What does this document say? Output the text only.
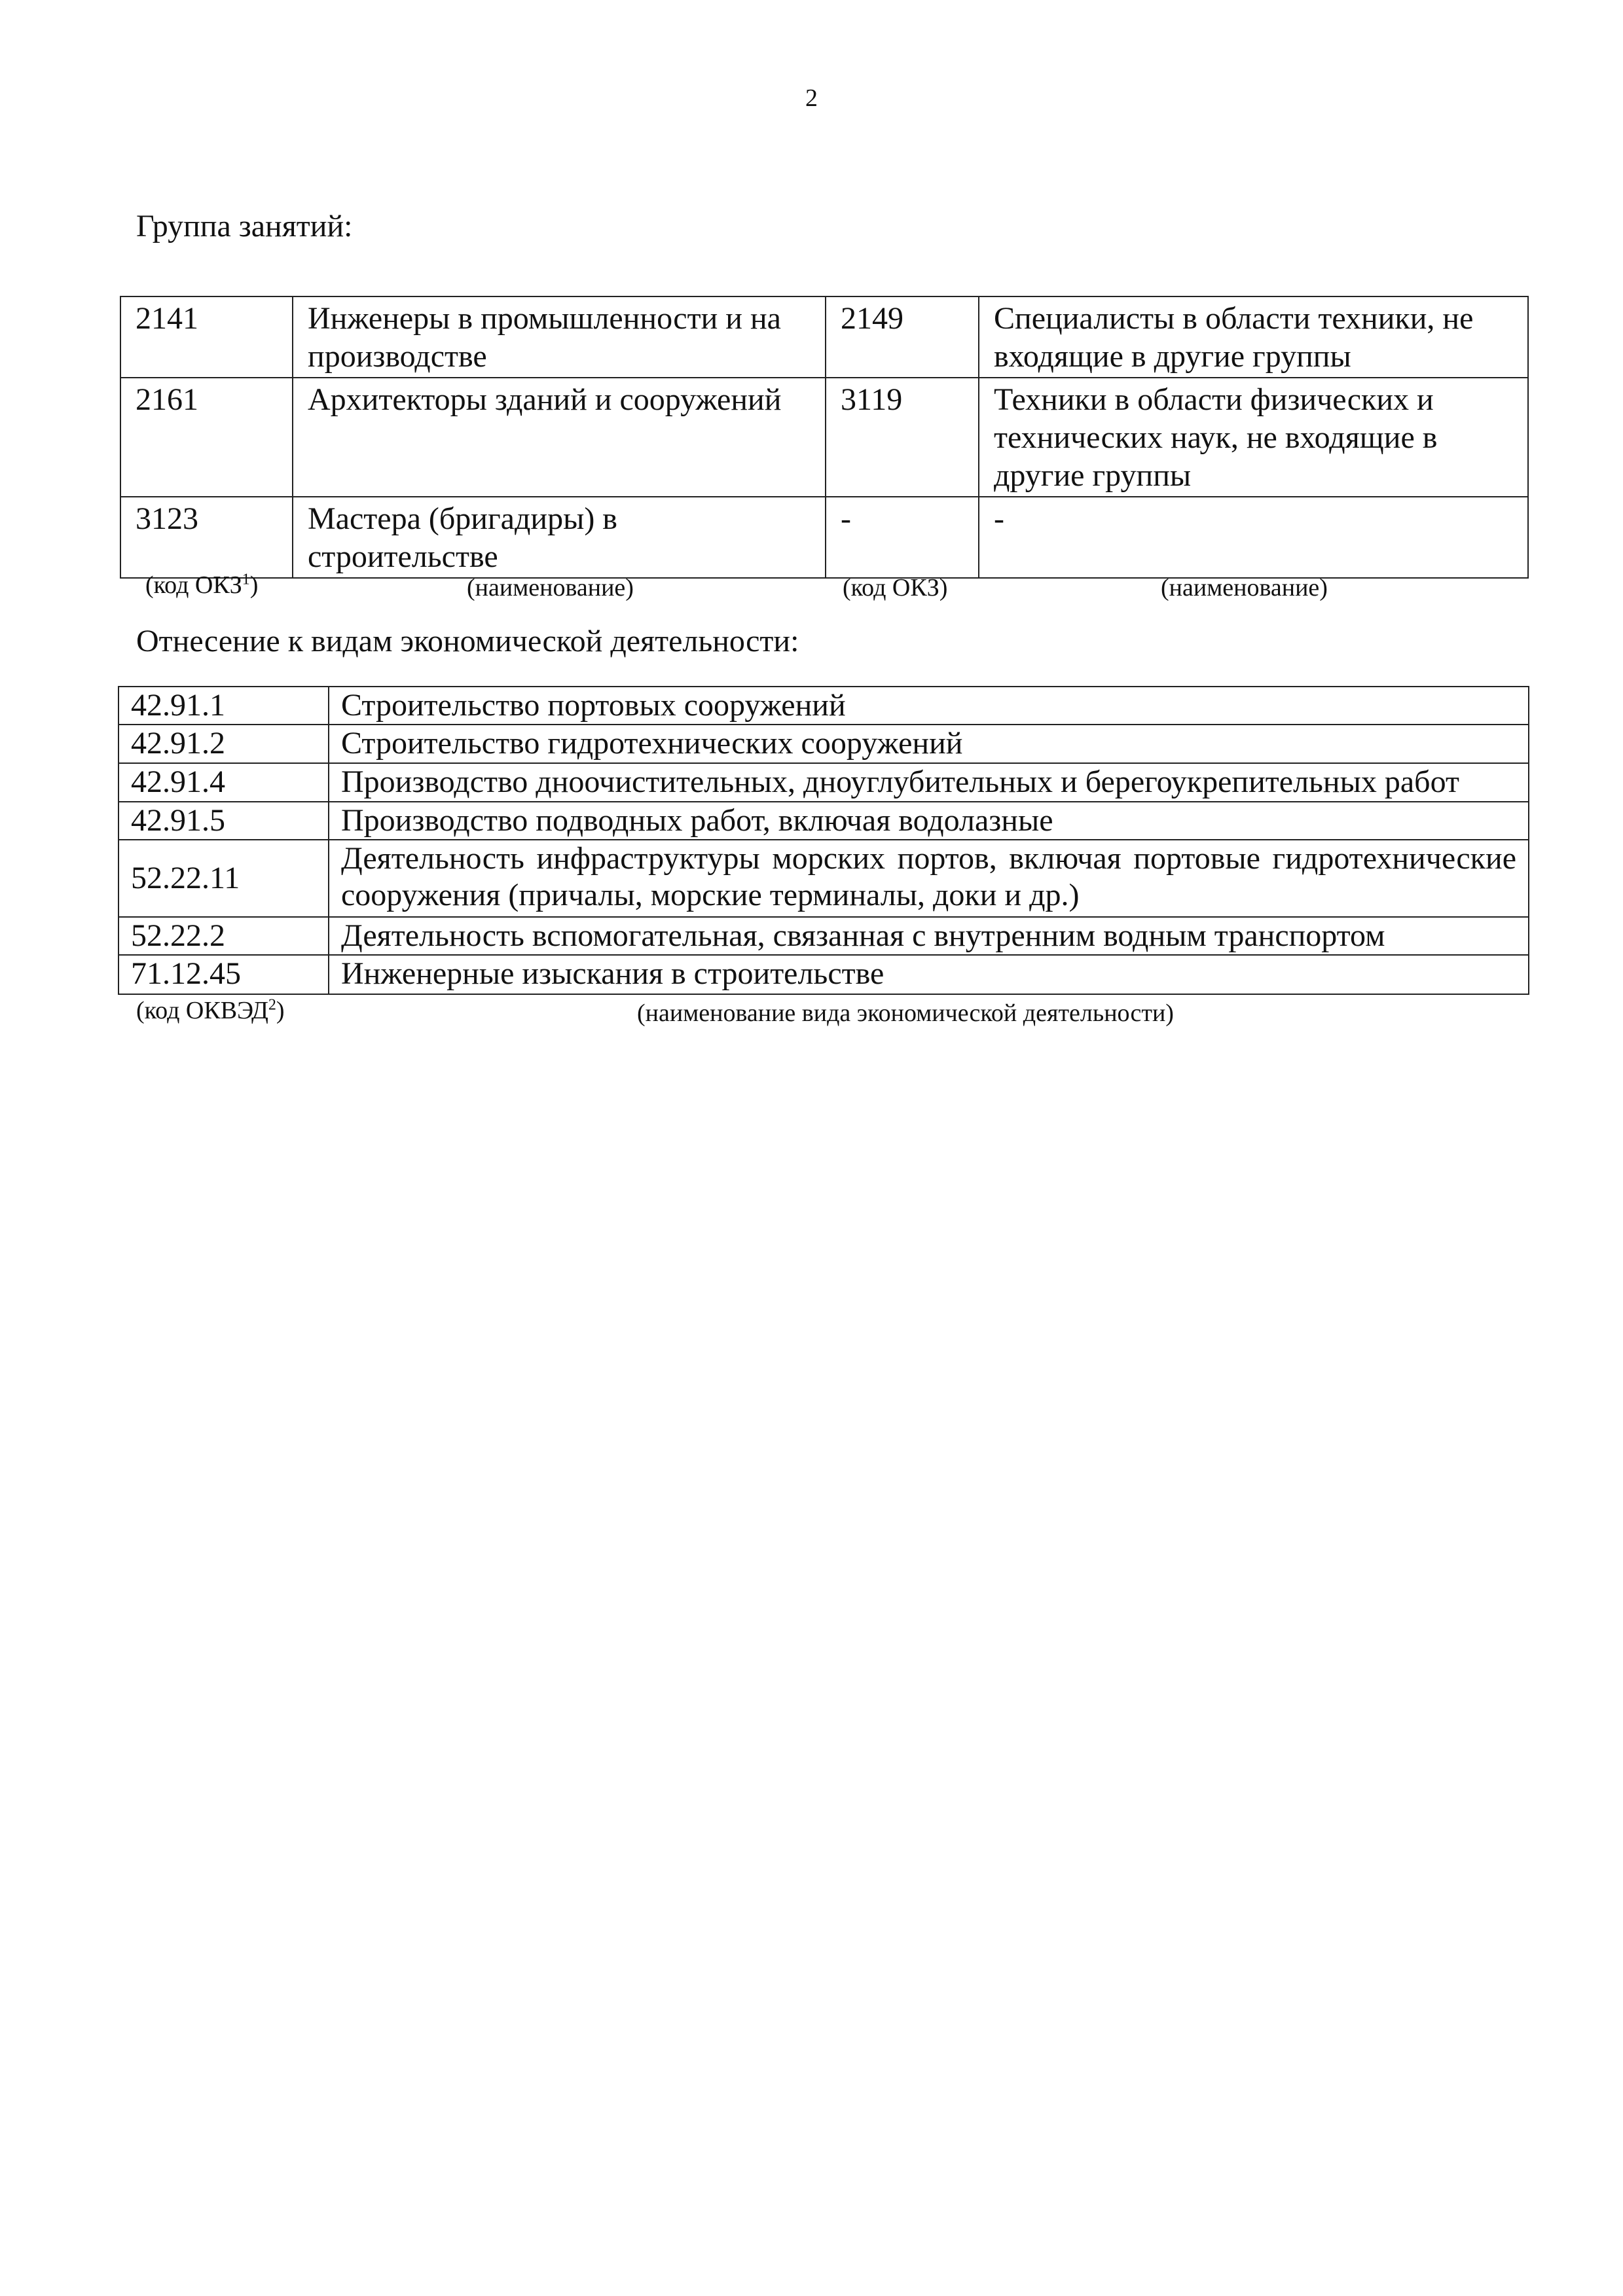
2
Группа занятий:
2141	Инженеры в промышленности и на производстве	2149	Специалисты в области техники, не входящие в другие группы
2161	Архитекторы зданий и сооружений	3119	Техники в области физических и технических наук, не входящие в другие группы
3123	Мастера (бригадиры) в строительстве	-	-
(код ОКЗ$^1$)	(наименование)	(код ОКЗ)	(наименование)
Отнесение к видам экономической деятельности:
42.91.1	Строительство портовых сооружений
42.91.2	Строительство гидротехнических сооружений
42.91.4	Производство дноочистительных, дноуглубительных и берегоукрепительных работ
42.91.5	Производство подводных работ, включая водолазные
52.22.11	Деятельность инфраструктуры морских портов, включая портовые гидротехнические сооружения (причалы, морские терминалы, доки и др.)
52.22.2	Деятельность вспомогательная, связанная с внутренним водным транспортом
71.12.45	Инженерные изыскания в строительстве
(код ОКВЭД$^2$)	(наименование вида экономической деятельности)
